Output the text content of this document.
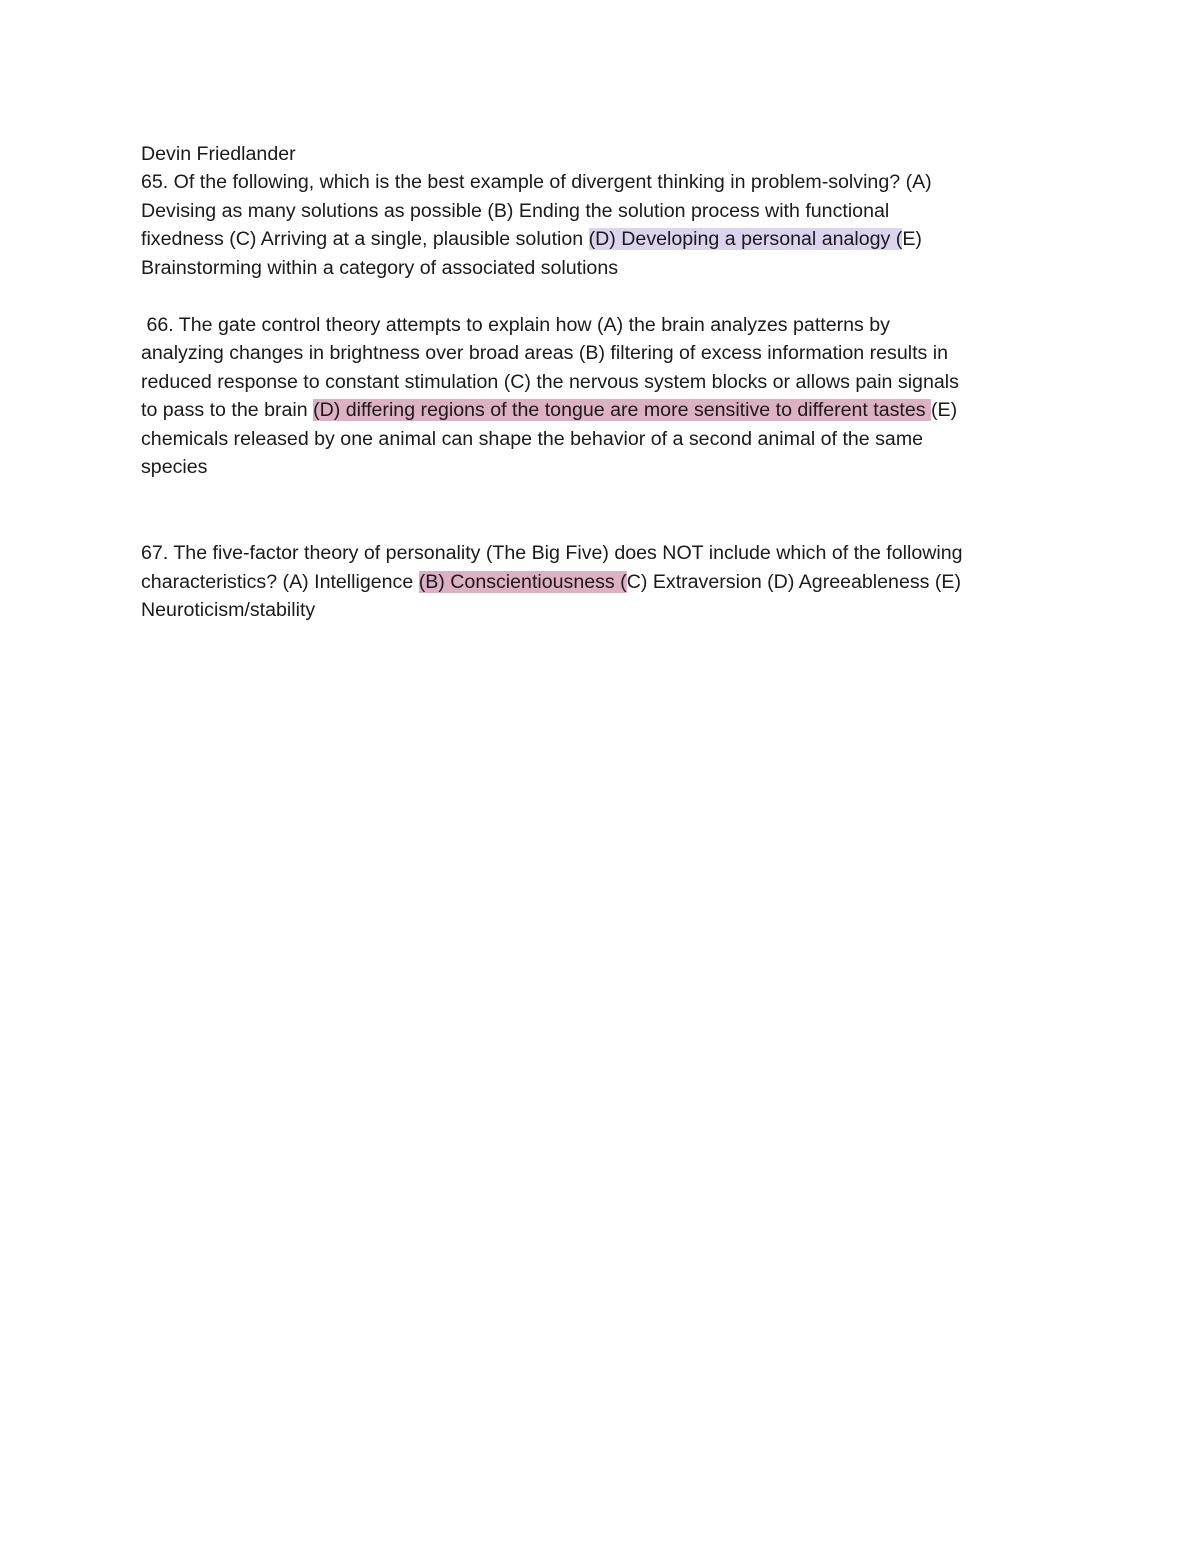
Devin Friedlander
65. Of the following, which is the best example of divergent thinking in problem-solving? (A)
Devising as many solutions as possible (B) Ending the solution process with functional
fixedness (C) Arriving at a single, plausible solution (D) Developing a personal analogy (E)
Brainstorming within a category of associated solutions
66. The gate control theory attempts to explain how (A) the brain analyzes patterns by
analyzing changes in brightness over broad areas (B) filtering of excess information results in
reduced response to constant stimulation (C) the nervous system blocks or allows pain signals
to pass to the brain (D) differing regions of the tongue are more sensitive to different tastes (E)
chemicals released by one animal can shape the behavior of a second animal of the same
species
67. The five-factor theory of personality (The Big Five) does NOT include which of the following
characteristics? (A) Intelligence (B) Conscientiousness (C) Extraversion (D) Agreeableness (E)
Neuroticism/stability
